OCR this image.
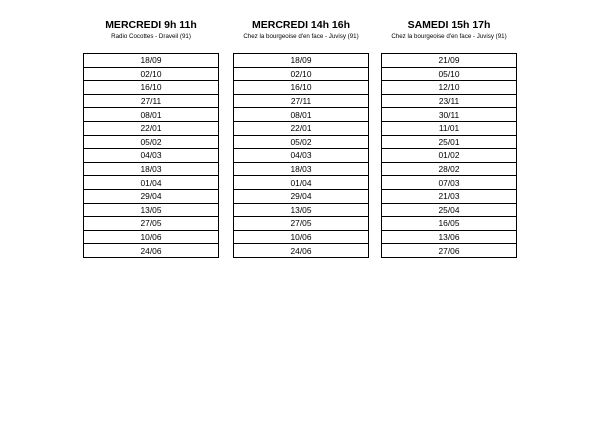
MERCREDI 9h 11h
Radio Cocottes - Draveil (91)
18/09
02/10
16/10
27/11
08/01
22/01
05/02
04/03
18/03
01/04
29/04
13/05
27/05
10/06
24/06
MERCREDI 14h 16h
Chez la bourgeoise d'en face - Juvisy (91)
18/09
02/10
16/10
27/11
08/01
22/01
05/02
04/03
18/03
01/04
29/04
13/05
27/05
10/06
24/06
SAMEDI 15h 17h
Chez la bourgeoise d'en face - Juvisy (91)
21/09
05/10
12/10
23/11
30/11
11/01
25/01
01/02
28/02
07/03
21/03
25/04
16/05
13/06
27/06
